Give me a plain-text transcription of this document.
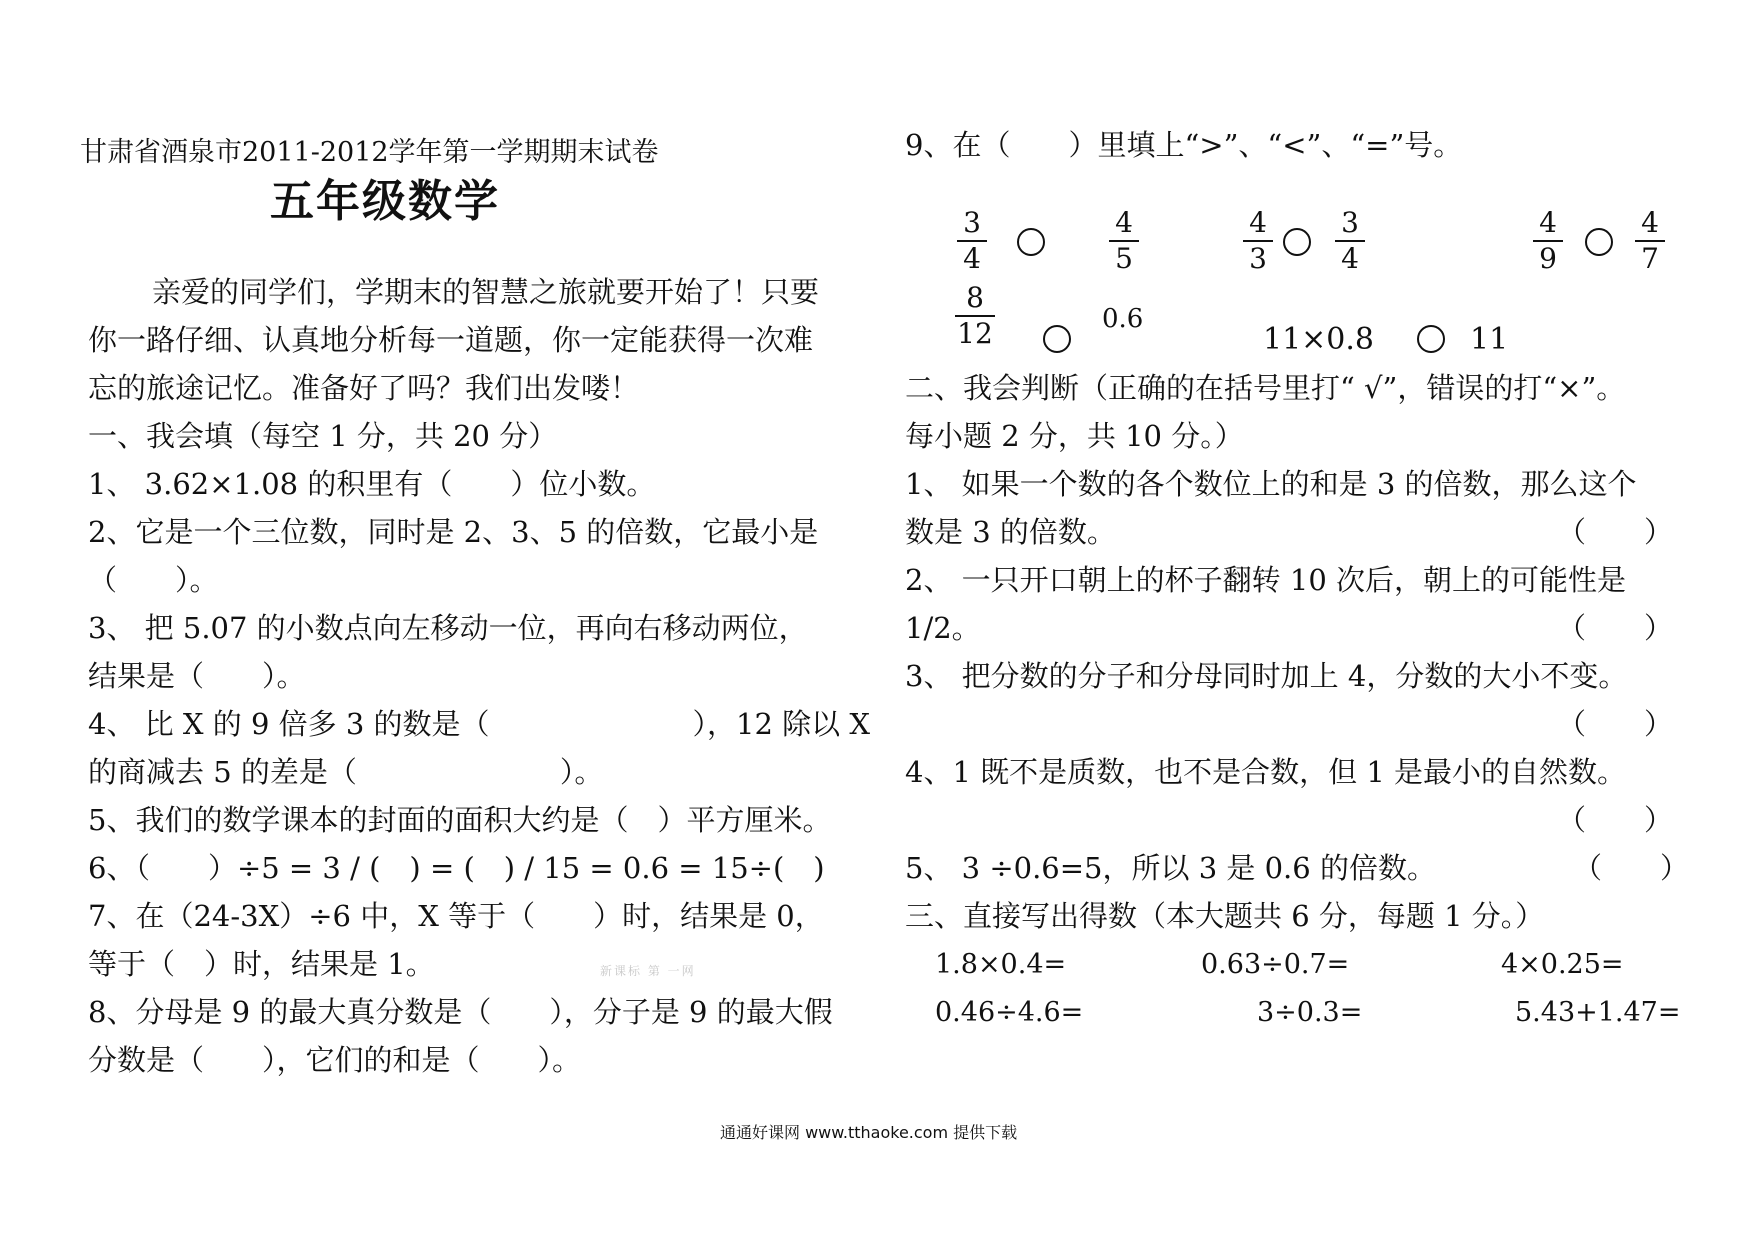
甘肃省酒泉市2011-2012学年第一学期期末试卷
五年级数学
亲爱的同学们，学期末的智慧之旅就要开始了！只要
你一路仔细、认真地分析每一道题，你一定能获得一次难
忘的旅途记忆。准备好了吗？我们出发喽！
一、我会填（每空 1 分，共 20 分）
1、 3.62×1.08 的积里有（　　）位小数。
2、它是一个三位数，同时是 2、3、5 的倍数，它最小是
（　　）。
3、 把 5.07 的小数点向左移动一位，再向右移动两位，
结果是（　　）。
4、 比 X 的 9 倍多 3 的数是（　　　　　　　），12 除以 X
的商减去 5 的差是（　　　　　　　）。
5、我们的数学课本的封面的面积大约是（　）平方厘米。
6、（　　）÷5 = 3 / (　) = (　) / 15 = 0.6 = 15÷(　)
7、在（24-3X）÷6 中，X 等于（　　）时，结果是 0，
等于（　）时，结果是 1。
8、分母是 9 的最大真分数是（　　），分子是 9 的最大假
分数是（　　），它们的和是（　　）。
9、在（　　）里填上“>”、“<”、“=”号。
3
4
4
5
4
3
3
4
4
9
4
7
8
12	0.6
11×0.8	11
二、我会判断（正确的在括号里打“ √”，错误的打“×”。
每小题 2 分，共 10 分。）
1、 如果一个数的各个数位上的和是 3 的倍数，那么这个
数是 3 的倍数。	（　　）
2、 一只开口朝上的杯子翻转 10 次后，朝上的可能性是
1/2。	（　　）
3、 把分数的分子和分母同时加上 4，分数的大小不变。
（　　）
4、1 既不是质数，也不是合数，但 1 是最小的自然数。
（　　）
5、 3 ÷0.6=5，所以 3 是 0.6 的倍数。	（　　）
三、直接写出得数（本大题共 6 分，每题 1 分。）
1.8×0.4=	0.63÷0.7=	4×0.25=
0.46÷4.6=	3÷0.3=	5.43+1.47=
新课标 第 一网
通通好课网 www.tthaoke.com 提供下载
